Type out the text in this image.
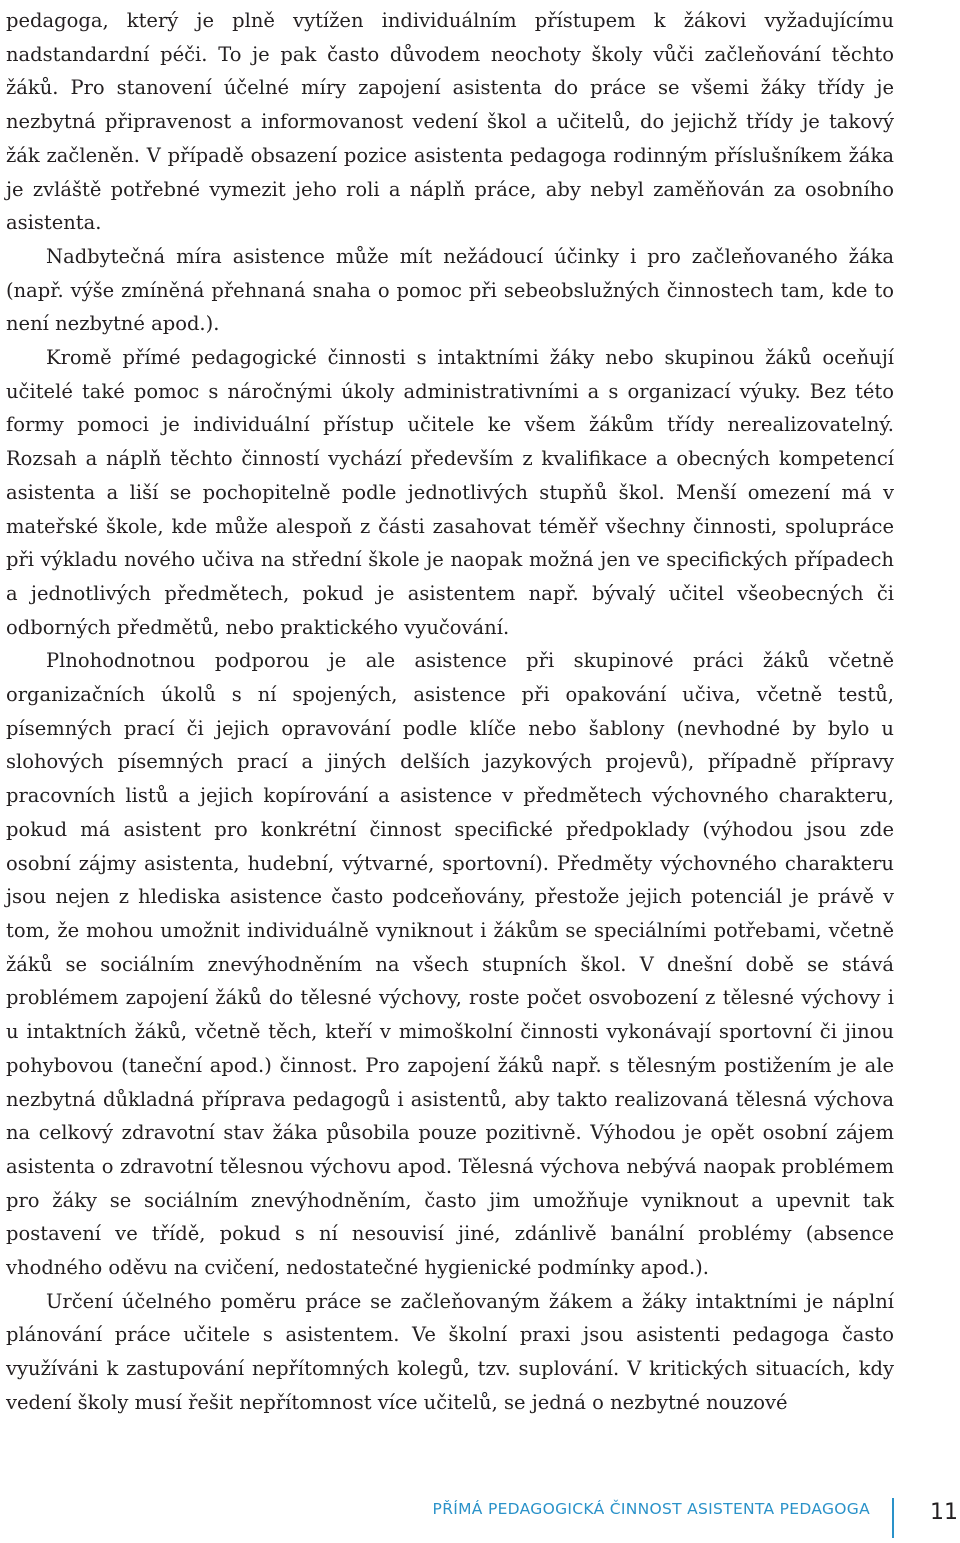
pedagoga, který je plně vytížen individuálním přístupem k žákovi vyžadujícímu nadstandardní péči. To je pak často důvodem neochoty školy vůči začleňování těchto žáků. Pro stanovení účelné míry zapojení asistenta do práce se všemi žáky třídy je nezbytná připravenost a informovanost vedení škol a učitelů, do jejichž třídy je takový žák začleněn. V případě obsazení pozice asistenta pedagoga rodinným příslušníkem žáka je zvláště potřebné vymezit jeho roli a náplň práce, aby nebyl zaměňován za osobního asistenta.

Nadbytečná míra asistence může mít nežádoucí účinky i pro začleňovaného žáka (např. výše zmíněná přehnaná snaha o pomoc při sebeobslužných činnostech tam, kde to není nezbytné apod.).

Kromě přímé pedagogické činnosti s intaktními žáky nebo skupinou žáků oceňují učitelé také pomoc s náročnými úkoly administrativními a s organizací výuky. Bez této formy pomoci je individuální přístup učitele ke všem žákům třídy nerealizovatelný. Rozsah a náplň těchto činností vychází především z kvalifikace a obecných kompetencí asistenta a liší se pochopitelně podle jednotlivých stupňů škol. Menší omezení má v mateřské škole, kde může alespoň z části zasahovat téměř všechny činnosti, spolupráce při výkladu nového učiva na střední škole je naopak možná jen ve specifických případech a jednotlivých předmětech, pokud je asistentem např. bývalý učitel všeobecných či odborných předmětů, nebo praktického vyučování.

Plnohodnotnou podporou je ale asistence při skupinové práci žáků včetně organizačních úkolů s ní spojených, asistence při opakování učiva, včetně testů, písemných prací či jejich opravování podle klíče nebo šablony (nevhodné by bylo u slohových písemných prací a jiných delších jazykových projevů), případně přípravy pracovních listů a jejich kopírování a asistence v předmětech výchovného charakteru, pokud má asistent pro konkrétní činnost specifické předpoklady (výhodou jsou zde osobní zájmy asistenta, hudební, výtvarné, sportovní). Předměty výchovného charakteru jsou nejen z hlediska asistence často podceňovány, přestože jejich potenciál je právě v tom, že mohou umožnit individuálně vyniknout i žákům se speciálními potřebami, včetně žáků se sociálním znevýhodněním na všech stupních škol. V dnešní době se stává problémem zapojení žáků do tělesné výchovy, roste počet osvobození z tělesné výchovy i u intaktních žáků, včetně těch, kteří v mimoškolní činnosti vykonávají sportovní či jinou pohybovou (taneční apod.) činnost. Pro zapojení žáků např. s tělesným postižením je ale nezbytná důkladná příprava pedagogů i asistentů, aby takto realizovaná tělesná výchova na celkový zdravotní stav žáka působila pouze pozitivně. Výhodou je opět osobní zájem asistenta o zdravotní tělesnou výchovu apod. Tělesná výchova nebývá naopak problémem pro žáky se sociálním znevýhodněním, často jim umožňuje vyniknout a upevnit tak postavení ve třídě, pokud s ní nesouvisí jiné, zdánlivě banální problémy (absence vhodného oděvu na cvičení, nedostatečné hygienické podmínky apod.).

Určení účelného poměru práce se začleňovaným žákem a žáky intaktními je náplní plánování práce učitele s asistentem. Ve školní praxi jsou asistenti pedagoga často využíváni k zastupování nepřítomných kolegů, tzv. suplování. V kritických situacích, kdy vedení školy musí řešit nepřítomnost více učitelů, se jedná o nezbytné nouzové

PŘÍMÁ PEDAGOGICKÁ ČINNOST ASISTENTA PEDAGOGA	11
